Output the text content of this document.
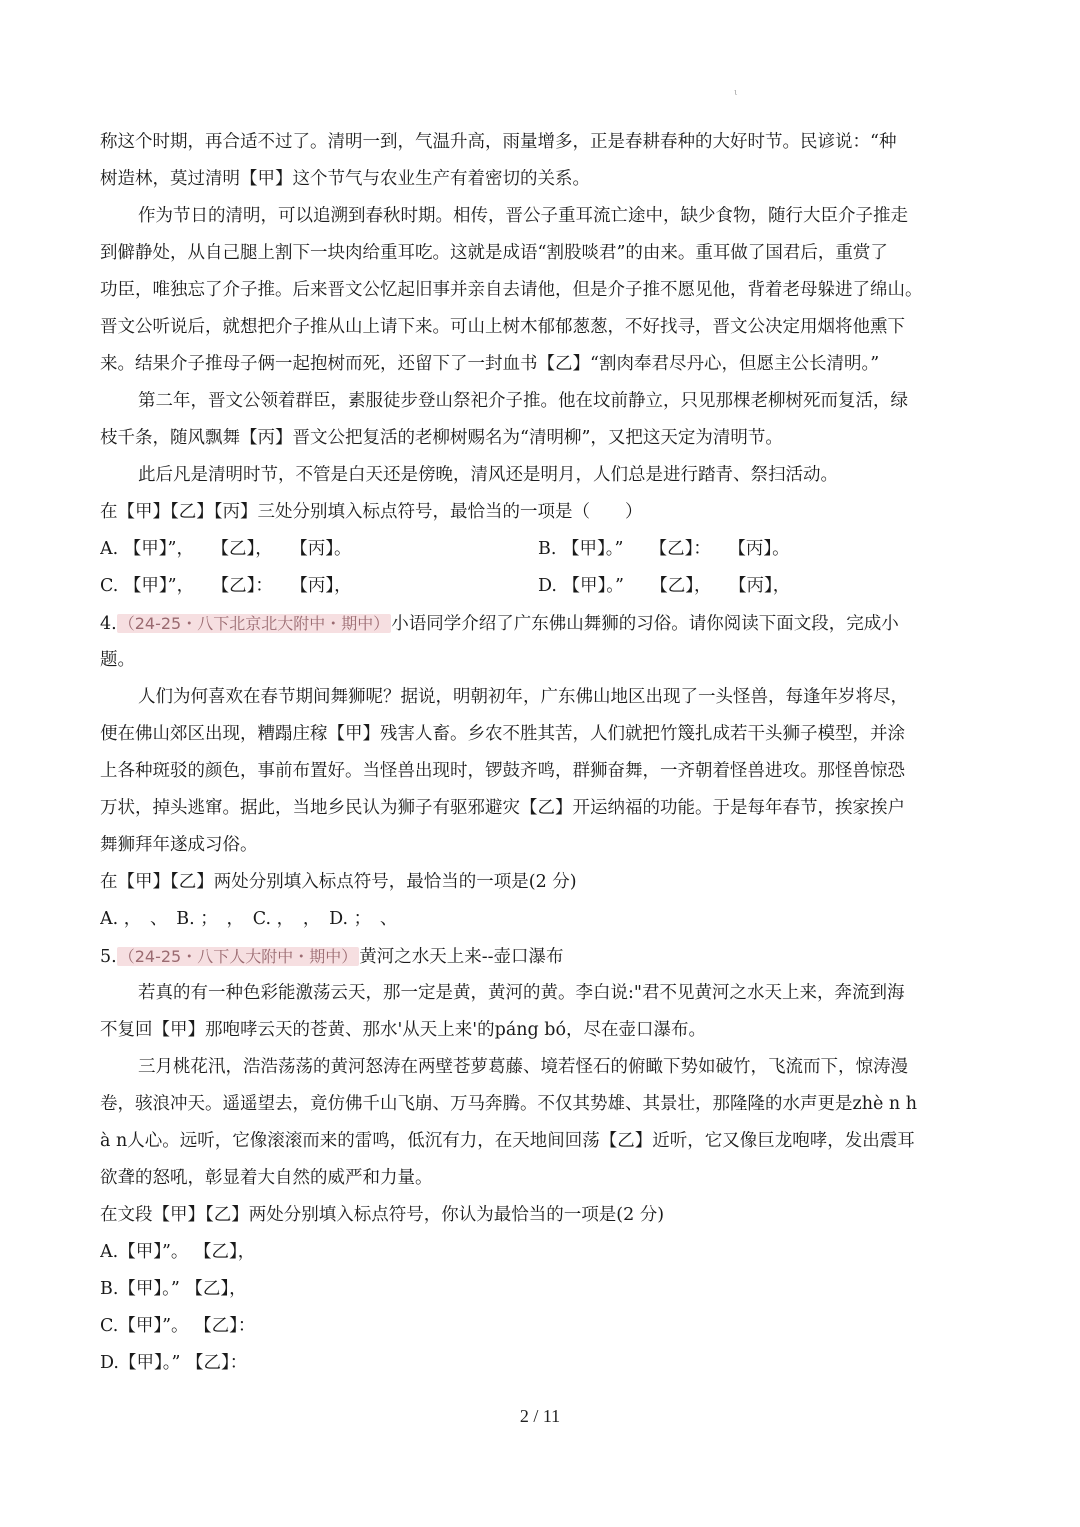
ι
称这个时期，再合适不过了。清明一到，气温升高，雨量增多，正是春耕春种的大好时节。民谚说：“种
树造林，莫过清明【甲】这个节气与农业生产有着密切的关系。
作为节日的清明，可以追溯到春秋时期。相传，晋公子重耳流亡途中，缺少食物，随行大臣介子推走
到僻静处，从自己腿上割下一块肉给重耳吃。这就是成语“割股啖君”的由来。重耳做了国君后，重赏了
功臣，唯独忘了介子推。后来晋文公忆起旧事并亲自去请他，但是介子推不愿见他，背着老母躲进了绵山。
晋文公听说后，就想把介子推从山上请下来。可山上树木郁郁葱葱，不好找寻，晋文公决定用烟将他熏下
来。结果介子推母子俩一起抱树而死，还留下了一封血书【乙】“割肉奉君尽丹心，但愿主公长清明。”
第二年，晋文公领着群臣，素服徒步登山祭祀介子推。他在坟前静立，只见那棵老柳树死而复活，绿
枝千条，随风飘舞【丙】晋文公把复活的老柳树赐名为“清明柳”，又把这天定为清明节。
此后凡是清明时节，不管是白天还是傍晚，清风还是明月，人们总是进行踏青、祭扫活动。
在【甲】【乙】【丙】三处分别填入标点符号，最恰当的一项是（　　）
A. 【甲】”，　　【乙】，　　【丙】。	B. 【甲】。”　　【乙】：　　【丙】。
C. 【甲】”，　　【乙】：　　【丙】，	D. 【甲】。”　　【乙】，　　【丙】，
4. （24-25・八下北京北大附中・期中） 小语同学介绍了广东佛山舞狮的习俗。请你阅读下面文段，完成小
题。
人们为何喜欢在春节期间舞狮呢？据说，明朝初年，广东佛山地区出现了一头怪兽，每逢年岁将尽，
便在佛山郊区出现，糟蹋庄稼【甲】残害人畜。乡农不胜其苦，人们就把竹篾扎成若干头狮子模型，并涂
上各种斑驳的颜色，事前布置好。当怪兽出现时，锣鼓齐鸣，群狮奋舞，一齐朝着怪兽进攻。那怪兽惊恐
万状，掉头逃窜。据此，当地乡民认为狮子有驱邪避灾【乙】开运纳福的功能。于是每年春节，挨家挨户
舞狮拜年遂成习俗。
在【甲】【乙】两处分别填入标点符号，最恰当的一项是(2 分)
A. ，　、　B. ；　，　C. ，　，　D. ；　、
5. （24-25・八下人大附中・期中） 黄河之水天上来--壶口瀑布
若真的有一种色彩能激荡云天，那一定是黄，黄河的黄。李白说:"君不见黄河之水天上来，奔流到海
不复回【甲】那咆哮云天的苍黄、那水'从天上来'的páng bó，尽在壶口瀑布。
三月桃花汛，浩浩荡荡的黄河怒涛在两壁苍萝葛藤、境若怪石的俯瞰下势如破竹，飞流而下，惊涛漫
卷，骇浪冲天。遥遥望去，竟仿佛千山飞崩、万马奔腾。不仅其势雄、其景壮，那隆隆的水声更是zhè n h
à n人心。远听，它像滚滚而来的雷鸣，低沉有力，在天地间回荡【乙】近听，它又像巨龙咆哮，发出震耳
欲聋的怒吼，彰显着大自然的威严和力量。
在文段【甲】【乙】两处分别填入标点符号，你认为最恰当的一项是(2 分)
A.【甲】”。 【乙】，
B.【甲】。” 【乙】，
C.【甲】”。 【乙】：
D.【甲】。” 【乙】：
2 / 11
